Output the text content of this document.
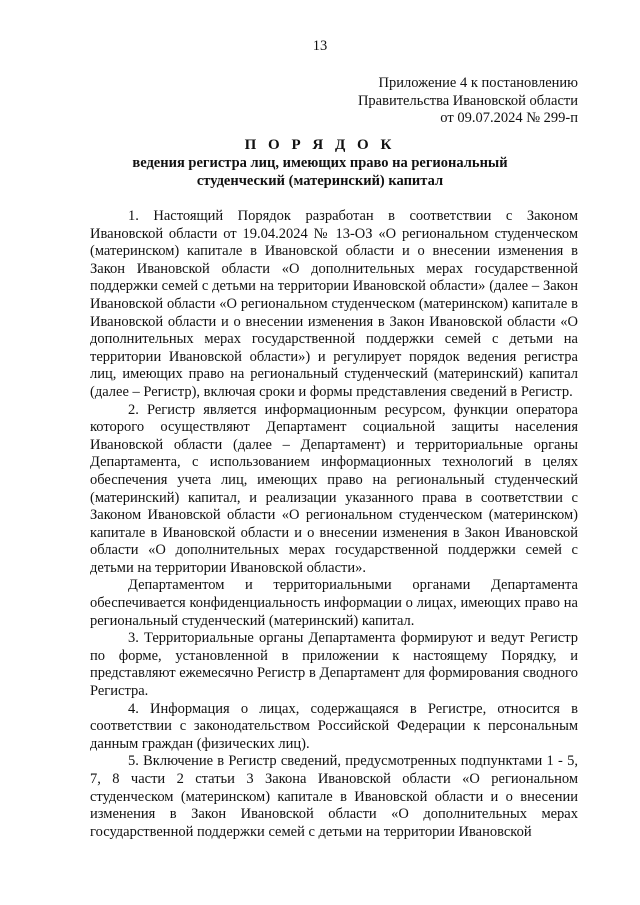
13
Приложение 4 к постановлению
Правительства Ивановской области
от 09.07.2024 № 299-п
П О Р Я Д О К
ведения регистра лиц, имеющих право на региональный
студенческий (материнский) капитал

1. Настоящий Порядок разработан в соответствии с Законом Ивановской области от 19.04.2024 № 13-ОЗ «О региональном студенческом (материнском) капитале в Ивановской области и о внесении изменения в Закон Ивановской области «О дополнительных мерах государственной поддержки семей с детьми на территории Ивановской области» (далее – Закон Ивановской области «О региональном студенческом (материнском) капитале в Ивановской области и о внесении изменения в Закон Ивановской области «О дополнительных мерах государственной поддержки семей с детьми на территории Ивановской области») и регулирует порядок ведения регистра лиц, имеющих право на региональный студенческий (материнский) капитал (далее – Регистр), включая сроки и формы представления сведений в Регистр.

2. Регистр является информационным ресурсом, функции оператора которого осуществляют Департамент социальной защиты населения Ивановской области (далее – Департамент) и территориальные органы Департамента, с использованием информационных технологий в целях обеспечения учета лиц, имеющих право на региональный студенческий (материнский) капитал, и реализации указанного права в соответствии с Законом Ивановской области «О региональном студенческом (материнском) капитале в Ивановской области и о внесении изменения в Закон Ивановской области «О дополнительных мерах государственной поддержки семей с детьми на территории Ивановской области».

Департаментом и территориальными органами Департамента обеспечивается конфиденциальность информации о лицах, имеющих право на региональный студенческий (материнский) капитал.

3. Территориальные органы Департамента формируют и ведут Регистр по форме, установленной в приложении к настоящему Порядку, и представляют ежемесячно Регистр в Департамент для формирования сводного Регистра.

4. Информация о лицах, содержащаяся в Регистре, относится в соответствии с законодательством Российской Федерации к персональным данным граждан (физических лиц).

5. Включение в Регистр сведений, предусмотренных подпунктами 1 - 5, 7, 8 части 2 статьи 3 Закона Ивановской области «О региональном студенческом (материнском) капитале в Ивановской области и о внесении изменения в Закон Ивановской области «О дополнительных мерах государственной поддержки семей с детьми на территории Ивановской
